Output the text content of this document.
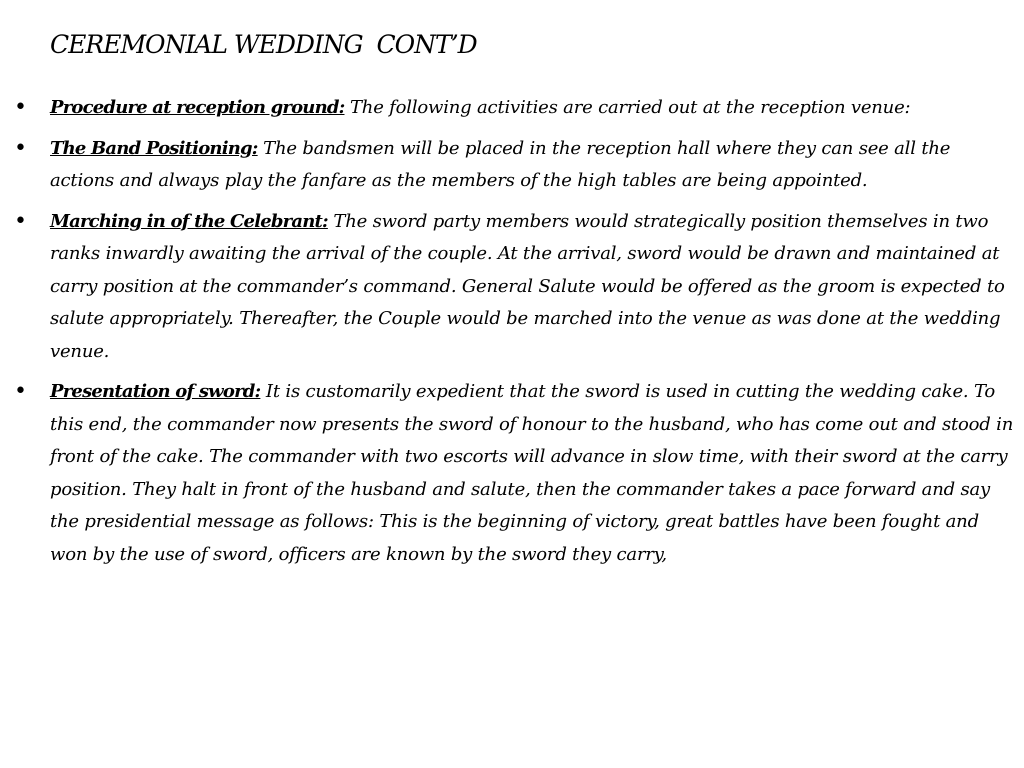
CEREMONIAL WEDDING  CONT’D
• Procedure at reception ground: The following activities are carried out at the reception venue:
• The Band Positioning: The bandsmen will be placed in the reception hall where they can see all the actions and always play the fanfare as the members of the high tables are being appointed.
• Marching in of the Celebrant: The sword party members would strategically position themselves in two ranks inwardly awaiting the arrival of the couple. At the arrival, sword would be drawn and maintained at carry position at the commander’s command. General Salute would be offered as the groom is expected to salute appropriately. Thereafter, the Couple would be marched into the venue as was done at the wedding venue.
• Presentation of sword: It is customarily expedient that the sword is used in cutting the wedding cake. To this end, the commander now presents the sword of honour to the husband, who has come out and stood in front of the cake. The commander with two escorts will advance in slow time, with their sword at the carry position. They halt in front of the husband and salute, then the commander takes a pace forward and say the presidential message as follows: This is the beginning of victory, great battles have been fought and won by the use of sword, officers are known by the sword they carry,
